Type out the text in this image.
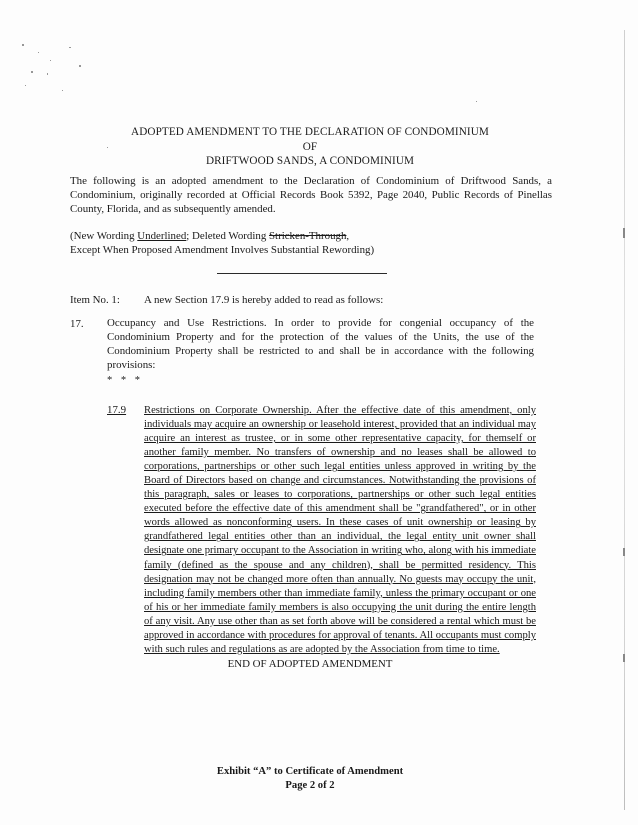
ADOPTED AMENDMENT TO THE DECLARATION OF CONDOMINIUM
OF
DRIFTWOOD SANDS, A CONDOMINIUM
The following is an adopted amendment to the Declaration of Condominium of Driftwood Sands, a Condominium, originally recorded at Official Records Book 5392, Page 2040, Public Records of Pinellas County, Florida, and as subsequently amended.
(New Wording Underlined; Deleted Wording Stricken-Through,
Except When Proposed Amendment Involves Substantial Rewording)
Item No. 1: A new Section 17.9 is hereby added to read as follows:
17. Occupancy and Use Restrictions. In order to provide for congenial occupancy of the Condominium Property and for the protection of the values of the Units, the use of the Condominium Property shall be restricted to and shall be in accordance with the following provisions:
* * *
17.9 Restrictions on Corporate Ownership. After the effective date of this amendment, only individuals may acquire an ownership or leasehold interest, provided that an individual may acquire an interest as trustee, or in some other representative capacity, for themself or another family member. No transfers of ownership and no leases shall be allowed to corporations, partnerships or other such legal entities unless approved in writing by the Board of Directors based on change and circumstances. Notwithstanding the provisions of this paragraph, sales or leases to corporations, partnerships or other such legal entities executed before the effective date of this amendment shall be "grandfathered", or in other words allowed as nonconforming users. In these cases of unit ownership or leasing by grandfathered legal entities other than an individual, the legal entity unit owner shall designate one primary occupant to the Association in writing who, along with his immediate family (defined as the spouse and any children), shall be permitted residency. This designation may not be changed more often than annually. No guests may occupy the unit, including family members other than immediate family, unless the primary occupant or one of his or her immediate family members is also occupying the unit during the entire length of any visit. Any use other than as set forth above will be considered a rental which must be approved in accordance with procedures for approval of tenants. All occupants must comply with such rules and regulations as are adopted by the Association from time to time.
END OF ADOPTED AMENDMENT
Exhibit “A” to Certificate of Amendment
Page 2 of 2
